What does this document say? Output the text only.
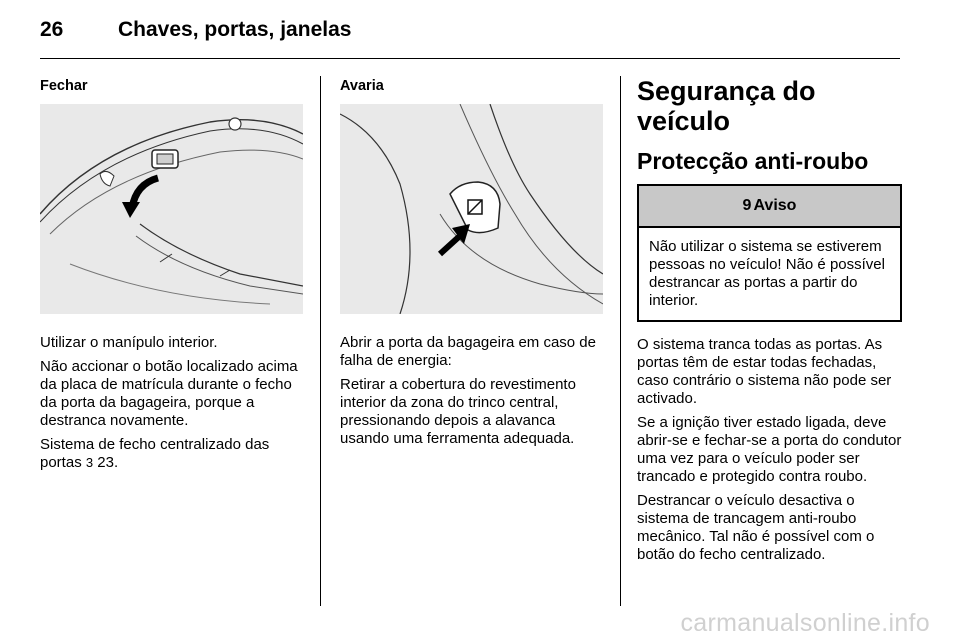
26	Chaves, portas, janelas
Fechar

Utilizar o manípulo interior.

Não accionar o botão localizado acima da placa de matrícula durante o fecho da porta da bagageira, porque a destranca novamente.

Sistema de fecho centralizado das portas 3 23.

Avaria

Abrir a porta da bagageira em caso de falha de energia:

Retirar a cobertura do revestimento interior da zona do trinco central, pressionando depois a alavanca usando uma ferramenta adequada.

Segurança do veículo
Protecção anti-roubo
9 Aviso
Não utilizar o sistema se estiverem pessoas no veículo! Não é possível destrancar as portas a partir do interior.

O sistema tranca todas as portas. As portas têm de estar todas fechadas, caso contrário o sistema não pode ser activado.

Se a ignição tiver estado ligada, deve abrir-se e fechar-se a porta do condutor uma vez para o veículo poder ser trancado e protegido contra roubo.

Destrancar o veículo desactiva o sistema de trancagem anti-roubo mecânico. Tal não é possível com o botão do fecho centralizado.

carmanualsonline.info
